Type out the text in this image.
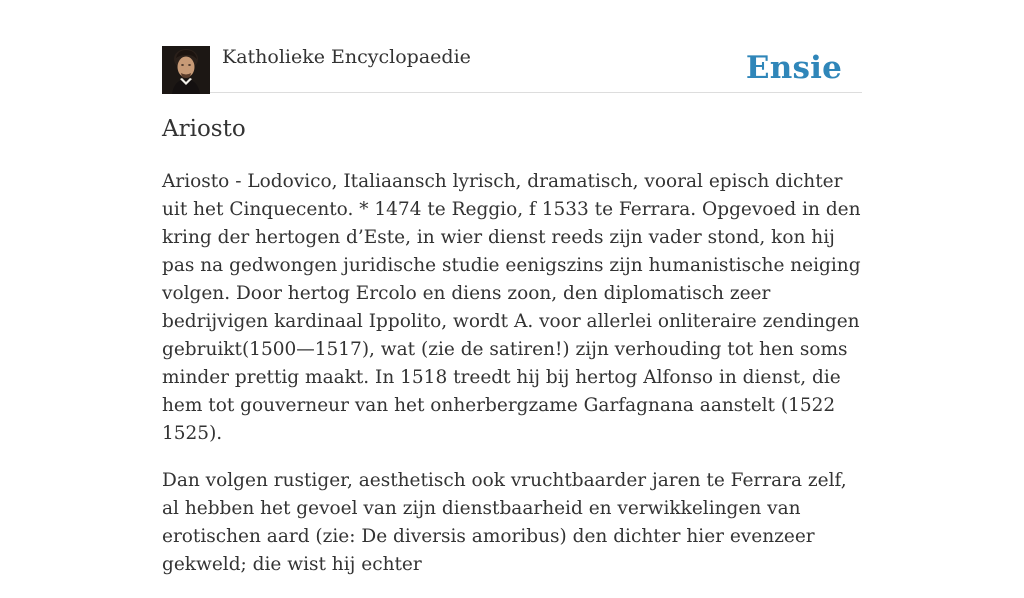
Katholieke Encyclopaedie	Ensie
Ariosto

Ariosto - Lodovico, Italiaansch lyrisch, dramatisch, vooral episch dichter uit het Cinquecento. * 1474 te Reggio, f 1533 te Ferrara. Opgevoed in den kring der hertogen d’Este, in wier dienst reeds zijn vader stond, kon hij pas na gedwongen juridische studie eenigszins zijn humanistische neiging volgen. Door hertog Ercolo en diens zoon, den diplomatisch zeer bedrijvigen kardinaal Ippolito, wordt A. voor allerlei onliteraire zendingen gebruikt(1500—1517), wat (zie de satiren!) zijn verhouding tot hen soms minder prettig maakt. In 1518 treedt hij bij hertog Alfonso in dienst, die hem tot gouverneur van het onherbergzame Garfagnana aanstelt (1522 1525).

Dan volgen rustiger, aesthetisch ook vruchtbaarder jaren te Ferrara zelf, al hebben het gevoel van zijn dienstbaarheid en verwikkelingen van erotischen aard (zie: De diversis amoribus) den dichter hier evenzeer gekweld; die wist hij echter
